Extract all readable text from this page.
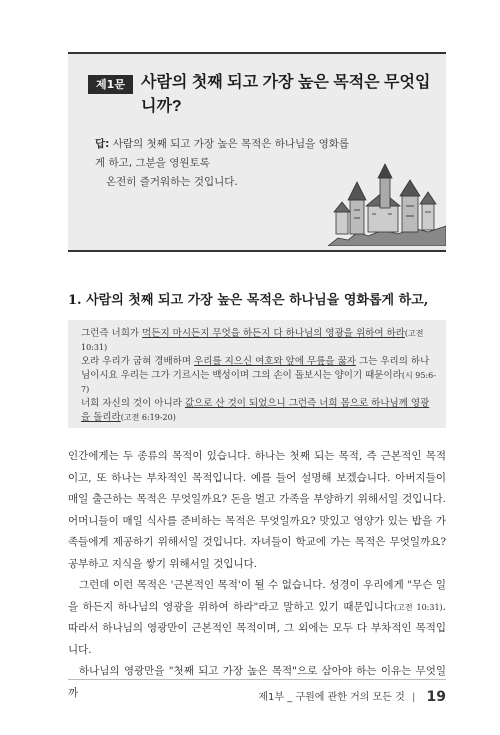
제1문	사람의 첫째 되고 가장 높은 목적은 무엇입니까?
답: 사람의 첫째 되고 가장 높은 목적은 하나님을 영화롭게 하고, 그분을 영원토록
온전히 즐거워하는 것입니다.
1. 사람의 첫째 되고 가장 높은 목적은 하나님을 영화롭게 하고,

그런즉 너희가 먹든지 마시든지 무엇을 하든지 다 하나님의 영광을 위하여 하라(고전 10:31)

오라 우리가 굽혀 경배하며 우리를 지으신 여호와 앞에 무릎을 꿇자 그는 우리의 하나님이시요 우리는 그가 기르시는 백성이며 그의 손이 돌보시는 양이기 때문이라(시 95:6-7)

너희 자신의 것이 아니라 값으로 산 것이 되었으니 그런즉 너희 몸으로 하나님께 영광을 돌리라(고전 6:19-20)

인간에게는 두 종류의 목적이 있습니다. 하나는 첫째 되는 목적, 즉 근본적인 목적이고, 또 하나는 부차적인 목적입니다. 예를 들어 설명해 보겠습니다. 아버지들이 매일 출근하는 목적은 무엇일까요? 돈을 벌고 가족을 부양하기 위해서일 것입니다. 어머니들이 매일 식사를 준비하는 목적은 무엇일까요? 맛있고 영양가 있는 밥을 가족들에게 제공하기 위해서일 것입니다. 자녀들이 학교에 가는 목적은 무엇일까요? 공부하고 지식을 쌓기 위해서일 것입니다.

그런데 이런 목적은 '근본적인 목적'이 될 수 없습니다. 성경이 우리에게 "무슨 일을 하든지 하나님의 영광을 위하여 하라"라고 말하고 있기 때문입니다(고전 10:31). 따라서 하나님의 영광만이 근본적인 목적이며, 그 외에는 모두 다 부차적인 목적입니다.

하나님의 영광만을 "첫째 되고 가장 높은 목적"으로 삼아야 하는 이유는 무엇일까	제1부 _ 구원에 관한 거의 모든 것 | 19
